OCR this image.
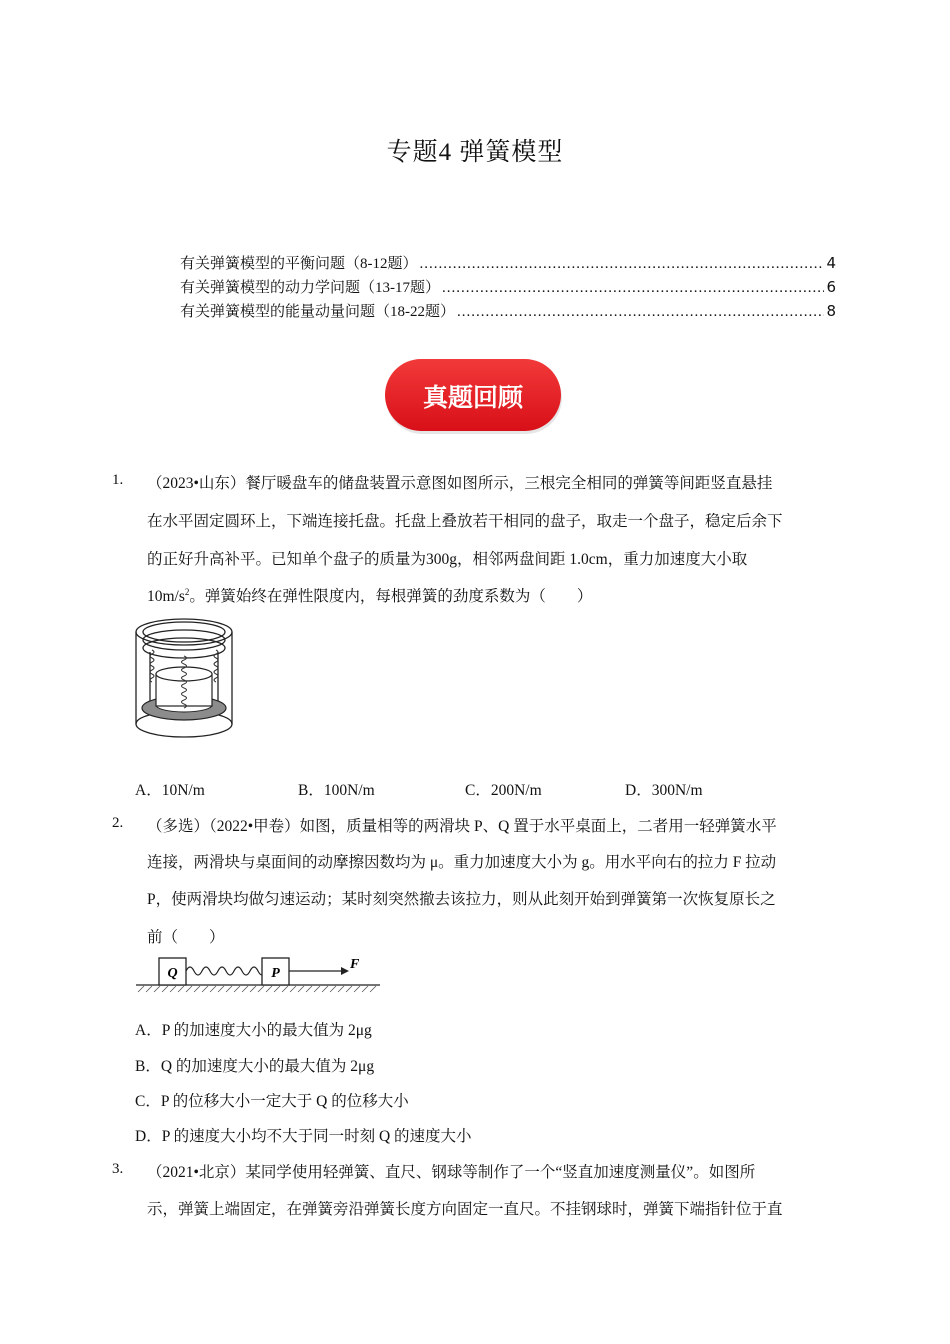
专题4 弹簧模型
有关弹簧模型的平衡问题（8-12题） .....	4
有关弹簧模型的动力学问题（13-17题） .....	6
有关弹簧模型的能量动量问题（18-22题） .....	8
真题回顾
1. （2023•山东）餐厅暖盘车的储盘装置示意图如图所示，三根完全相同的弹簧等间距竖直悬挂
在水平固定圆环上，下端连接托盘。托盘上叠放若干相同的盘子，取走一个盘子，稳定后余下
的正好升高补平。已知单个盘子的质量为300g，相邻两盘间距 1.0cm，重力加速度大小取
$10m/s^2$。弹簧始终在弹性限度内，每根弹簧的劲度系数为（　　）
A．10N/m	B．100N/m	C．200N/m	D．300N/m
2. （多选）（2022•甲卷）如图，质量相等的两滑块 P、Q 置于水平桌面上，二者用一轻弹簧水平
连接，两滑块与桌面间的动摩擦因数均为 μ。重力加速度大小为 g。用水平向右的拉力 F 拉动
P，使两滑块均做匀速运动；某时刻突然撤去该拉力，则从此刻开始到弹簧第一次恢复原长之
前（　　）
Q	P
F
A．P 的加速度大小的最大值为 2μg
B．Q 的加速度大小的最大值为 2μg
C．P 的位移大小一定大于 Q 的位移大小
D．P 的速度大小均不大于同一时刻 Q 的速度大小
3. （2021•北京）某同学使用轻弹簧、直尺、钢球等制作了一个“竖直加速度测量仪”。如图所
示，弹簧上端固定，在弹簧旁沿弹簧长度方向固定一直尺。不挂钢球时，弹簧下端指针位于直
